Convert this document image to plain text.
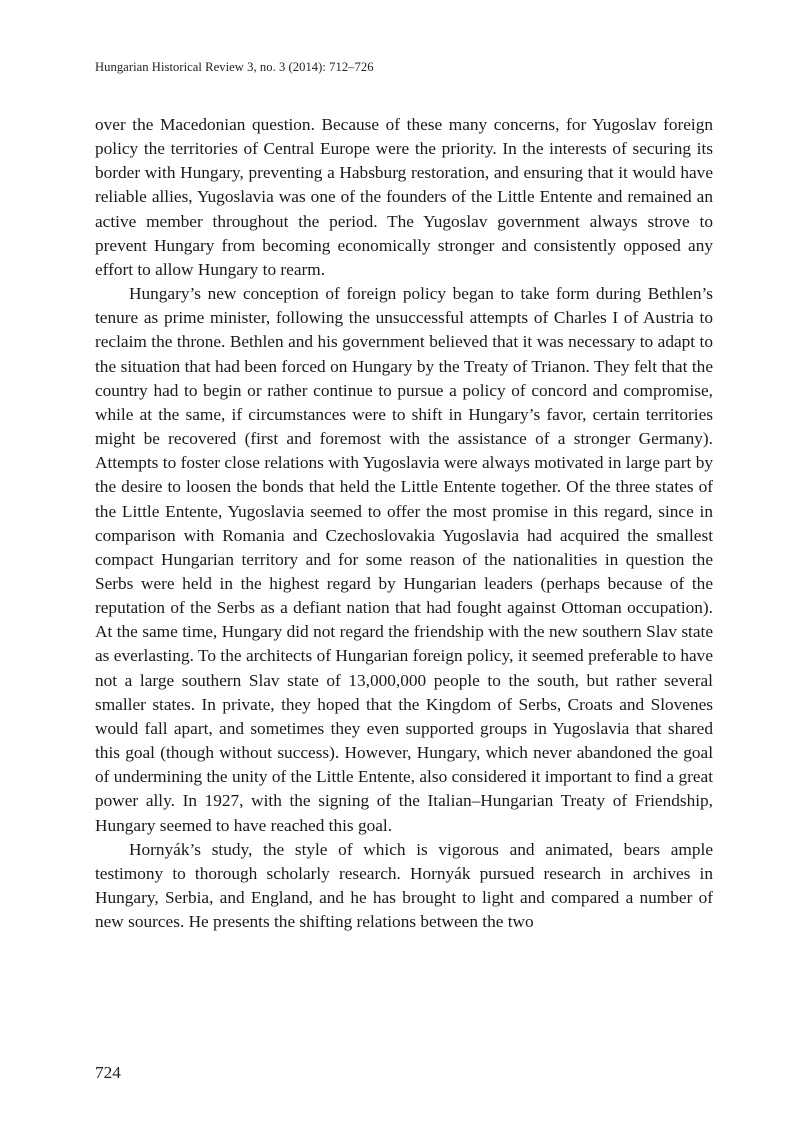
Hungarian Historical Review 3, no. 3 (2014): 712–726

over the Macedonian question. Because of these many concerns, for Yugoslav foreign policy the territories of Central Europe were the priority. In the interests of securing its border with Hungary, preventing a Habsburg restoration, and ensuring that it would have reliable allies, Yugoslavia was one of the founders of the Little Entente and remained an active member throughout the period. The Yugoslav government always strove to prevent Hungary from becoming economically stronger and consistently opposed any effort to allow Hungary to rearm.

Hungary’s new conception of foreign policy began to take form during Bethlen’s tenure as prime minister, following the unsuccessful attempts of Charles I of Austria to reclaim the throne. Bethlen and his government believed that it was necessary to adapt to the situation that had been forced on Hungary by the Treaty of Trianon. They felt that the country had to begin or rather continue to pursue a policy of concord and compromise, while at the same, if circumstances were to shift in Hungary’s favor, certain territories might be recovered (first and foremost with the assistance of a stronger Germany). Attempts to foster close relations with Yugoslavia were always motivated in large part by the desire to loosen the bonds that held the Little Entente together. Of the three states of the Little Entente, Yugoslavia seemed to offer the most promise in this regard, since in comparison with Romania and Czechoslovakia Yugoslavia had acquired the smallest compact Hungarian territory and for some reason of the nationalities in question the Serbs were held in the highest regard by Hungarian leaders (perhaps because of the reputation of the Serbs as a defiant nation that had fought against Ottoman occupation). At the same time, Hungary did not regard the friendship with the new southern Slav state as everlasting. To the architects of Hungarian foreign policy, it seemed preferable to have not a large southern Slav state of 13,000,000 people to the south, but rather several smaller states. In private, they hoped that the Kingdom of Serbs, Croats and Slovenes would fall apart, and sometimes they even supported groups in Yugoslavia that shared this goal (though without success). However, Hungary, which never abandoned the goal of undermining the unity of the Little Entente, also considered it important to find a great power ally. In 1927, with the signing of the Italian–Hungarian Treaty of Friendship, Hungary seemed to have reached this goal.

Hornyák’s study, the style of which is vigorous and animated, bears ample testimony to thorough scholarly research. Hornyák pursued research in archives in Hungary, Serbia, and England, and he has brought to light and compared a number of new sources. He presents the shifting relations between the two

724
